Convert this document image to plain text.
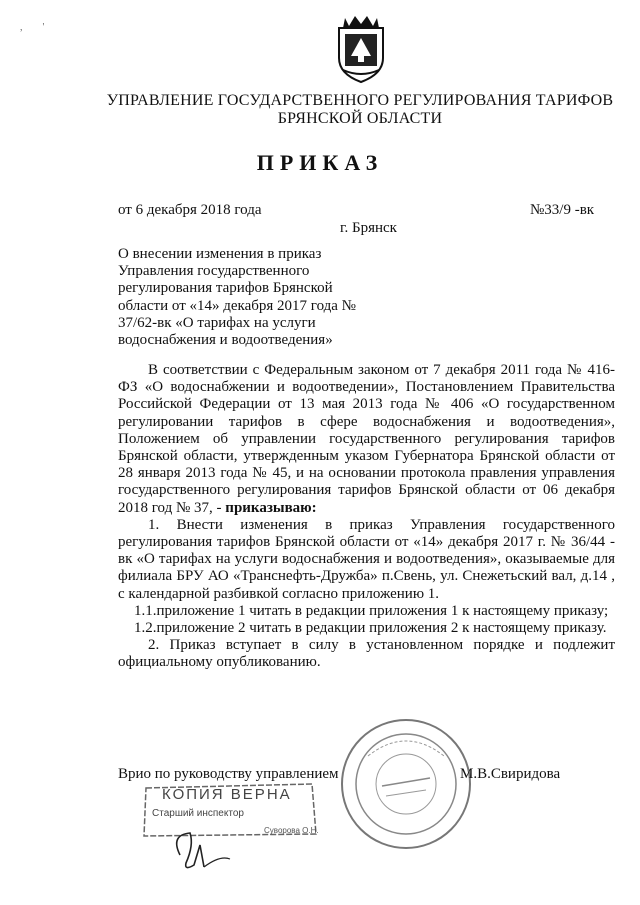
,        '
УПРАВЛЕНИЕ ГОСУДАРСТВЕННОГО РЕГУЛИРОВАНИЯ ТАРИФОВ
БРЯНСКОЙ ОБЛАСТИ
ПРИКАЗ
от 6 декабря 2018 года	№33/9 -вк
г. Брянск
О внесении изменения в приказ Управления государственного регулирования тарифов Брянской области от «14» декабря 2017 года № 37/62-вк «О тарифах на услуги водоснабжения и водоотведения»

В соответствии с Федеральным законом от 7 декабря 2011 года № 416-ФЗ «О водоснабжении и водоотведении», Постановлением Правительства Российской Федерации от 13 мая 2013 года № 406 «О государственном регулировании тарифов в сфере водоснабжения и водоотведения», Положением об управлении государственного регулирования тарифов Брянской области, утвержденным указом Губернатора Брянской области от 28 января 2013 года № 45, и на основании протокола правления управления государственного регулирования тарифов Брянской области от 06 декабря 2018 год № 37, - приказываю:

1. Внести изменения в приказ Управления государственного регулирования тарифов Брянской области от «14» декабря 2017 г. № 36/44 - вк «О тарифах на услуги водоснабжения и водоотведения», оказываемые для филиала БРУ АО «Транснефть-Дружба» п.Свень, ул. Снежетьский вал, д.14 , с календарной разбивкой согласно приложению 1.

1.1.приложение 1 читать в редакции приложения 1 к настоящему приказу;

1.2.приложение 2 читать в редакции приложения 2 к настоящему приказу.

2. Приказ вступает в силу в установленном порядке и подлежит официальному опубликованию.

Врио по руководству управлением	М.В.Свиридова
КОПИЯ ВЕРНА
Старший инспектор
Суворова О.Н.
